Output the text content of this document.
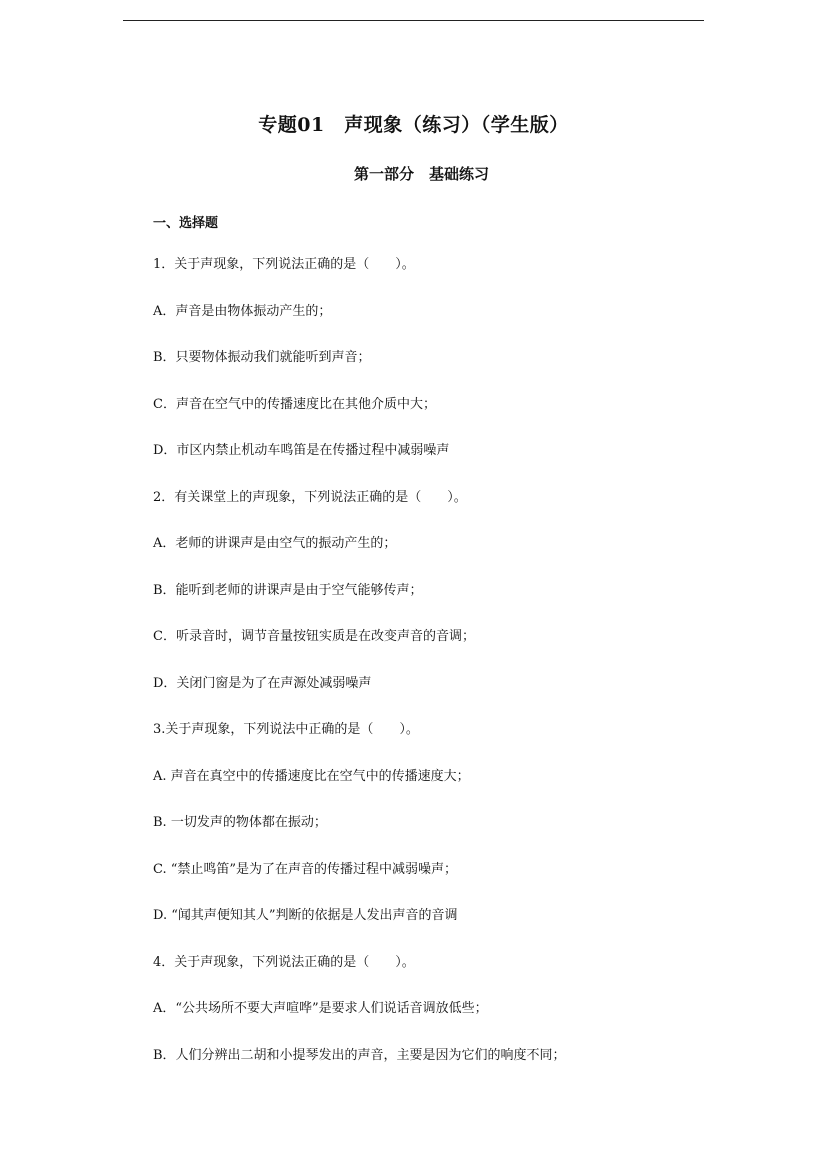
专题01　声现象（练习）（学生版）
第一部分　基础练习
一、选择题
1．关于声现象，下列说法正确的是（　　）。
A．声音是由物体振动产生的；
B．只要物体振动我们就能听到声音；
C．声音在空气中的传播速度比在其他介质中大；
D．市区内禁止机动车鸣笛是在传播过程中减弱噪声
2．有关课堂上的声现象，下列说法正确的是（　　）。
A．老师的讲课声是由空气的振动产生的；
B．能听到老师的讲课声是由于空气能够传声；
C．听录音时，调节音量按钮实质是在改变声音的音调；
D．关闭门窗是为了在声源处减弱噪声
3.关于声现象，下列说法中正确的是（　　）。
A. 声音在真空中的传播速度比在空气中的传播速度大；
B. 一切发声的物体都在振动；
C. “禁止鸣笛”是为了在声音的传播过程中减弱噪声；
D. “闻其声便知其人”判断的依据是人发出声音的音调
4．关于声现象，下列说法正确的是（　　）。
A．“公共场所不要大声喧哗”是要求人们说话音调放低些；
B．人们分辨出二胡和小提琴发出的声音，主要是因为它们的响度不同；
